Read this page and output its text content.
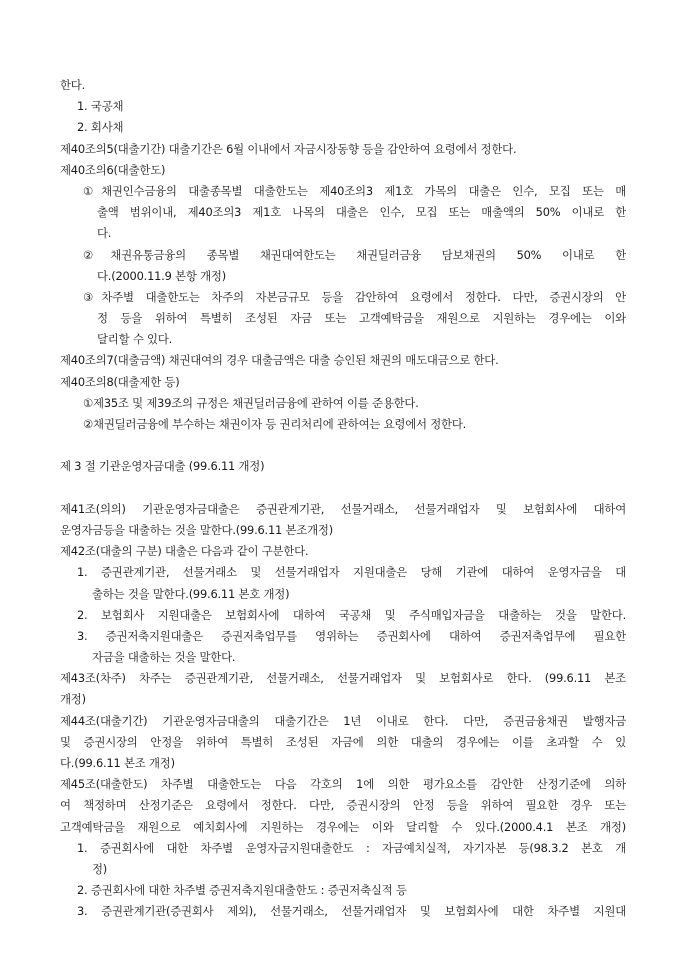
한다.
1. 국공채
2. 회사채
제40조의5(대출기간) 대출기간은 6월 이내에서 자금시장동향 등을 감안하여 요령에서 정한다.
제40조의6(대출한도)
①채권인수금융의 대출종목별 대출한도는 제40조의3 제1호 가목의 대출은 인수, 모집 또는 매
출액 범위이내, 제40조의3 제1호 나목의 대출은 인수, 모집 또는 매출액의 50% 이내로 한
다.
②채권유통금융의 종목별 채권대여한도는 채권딜러금융 담보채권의 50% 이내로 한
다.(2000.11.9 본항 개정)
③차주별 대출한도는 차주의 자본금규모 등을 감안하여 요령에서 정한다. 다만, 증권시장의 안
정 등을 위하여 특별히 조성된 자금 또는 고객예탁금을 재원으로 지원하는 경우에는 이와
달리할 수 있다.
제40조의7(대출금액) 채권대여의 경우 대출금액은 대출 승인된 채권의 매도대금으로 한다.
제40조의8(대출제한 등)
①제35조 및 제39조의 규정은 채권딜러금융에 관하여 이를 준용한다.
②채권딜러금융에 부수하는 채권이자 등 권리처리에 관하여는 요령에서 정한다.
제 3 절 기관운영자금대출 (99.6.11 개정)
제41조(의의) 기관운영자금대출은 증권관계기관, 선물거래소, 선물거래업자 및 보험회사에 대하여
운영자금등을 대출하는 것을 말한다.(99.6.11 본조개정)
제42조(대출의 구분) 대출은 다음과 같이 구분한다.
1. 증권관계기관, 선물거래소 및 선물거래업자 지원대출은 당해 기관에 대하여 운영자금을 대
출하는 것을 말한다.(99.6.11 본호 개정)
2. 보험회사 지원대출은 보험회사에 대하여 국공채 및 주식매입자금을 대출하는 것을 말한다.
3. 증권저축지원대출은 증권저축업무를 영위하는 증권회사에 대하여 증권저축업무에 필요한
자금을 대출하는 것을 말한다.
제43조(차주) 차주는 증권관계기관, 선물거래소, 선물거래업자 및 보험회사로 한다. (99.6.11 본조
개정)
제44조(대출기간) 기관운영자금대출의 대출기간은 1년 이내로 한다. 다만, 증권금융채권 발행자금
및 증권시장의 안정을 위하여 특별히 조성된 자금에 의한 대출의 경우에는 이를 초과할 수 있
다.(99.6.11 본조 개정)
제45조(대출한도) 차주별 대출한도는 다음 각호의 1에 의한 평가요소를 감안한 산정기준에 의하
여 책정하며 산정기준은 요령에서 정한다. 다만, 증권시장의 안정 등을 위하여 필요한 경우 또는
고객예탁금을 재원으로 예치회사에 지원하는 경우에는 이와 달리할 수 있다.(2000.4.1 본조 개정)
1. 증권회사에 대한 차주별 운영자금지원대출한도 : 자금예치실적, 자기자본 등(98.3.2 본호 개
정)
2. 증권회사에 대한 차주별 증권저축지원대출한도 : 증권저축실적 등
3. 증권관계기관(증권회사 제외), 선물거래소, 선물거래업자 및 보험회사에 대한 차주별 지원대
